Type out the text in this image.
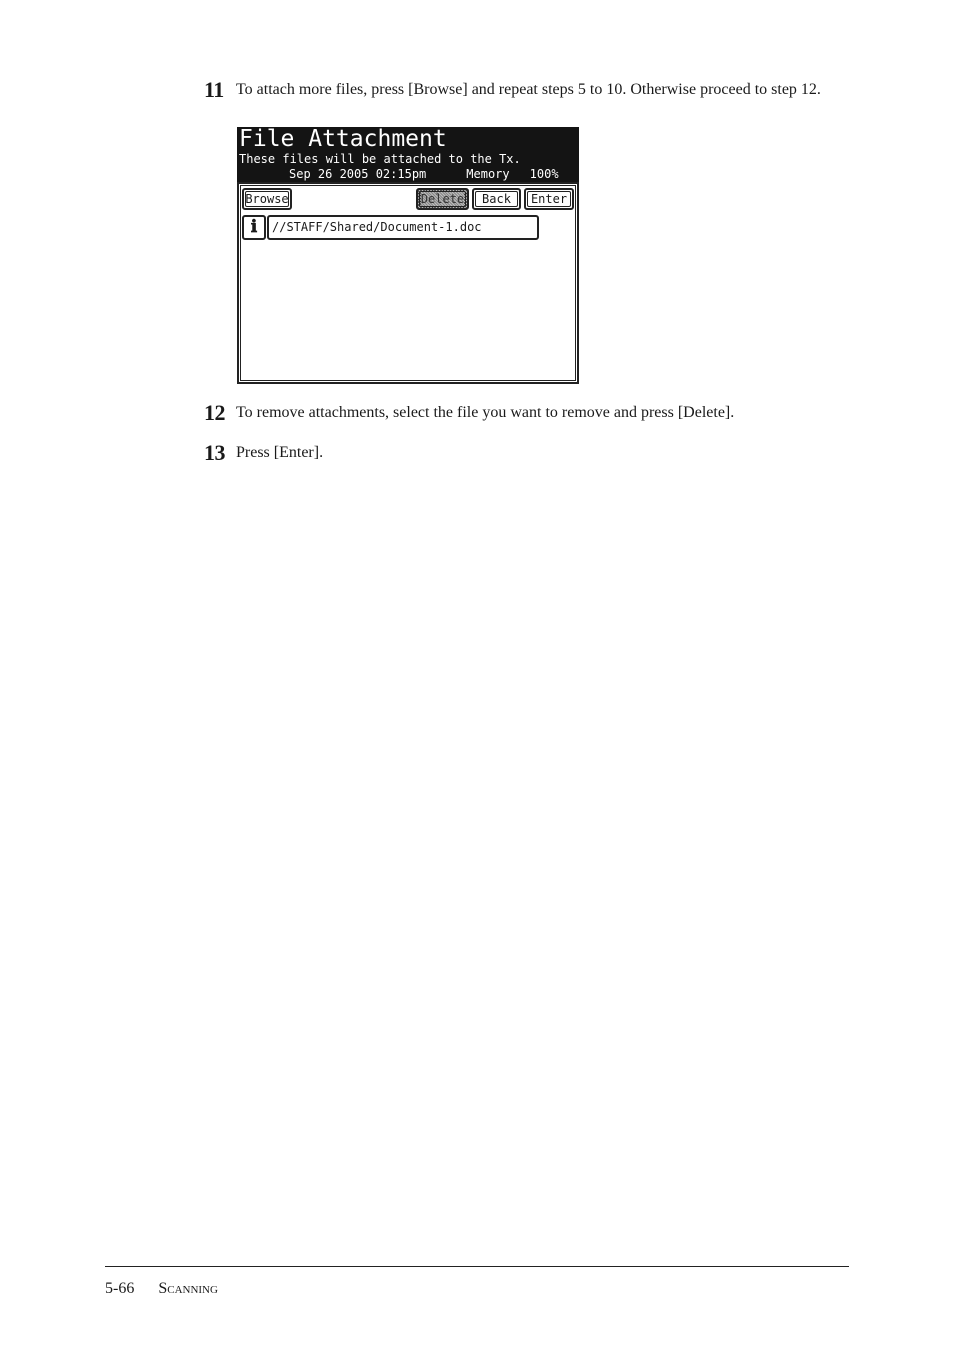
11 To attach more files, press [Browse] and repeat steps 5 to 10. Otherwise proceed to step 12.
File Attachment
These files will be attached to the Tx.
Sep 26 2005 02:15pm	Memory 100%
Browse	Delete	Back	Enter
ℹ	//STAFF/Shared/Document-1.doc
12 To remove attachments, select the file you want to remove and press [Delete].
13 Press [Enter].
5-66 Scanning
